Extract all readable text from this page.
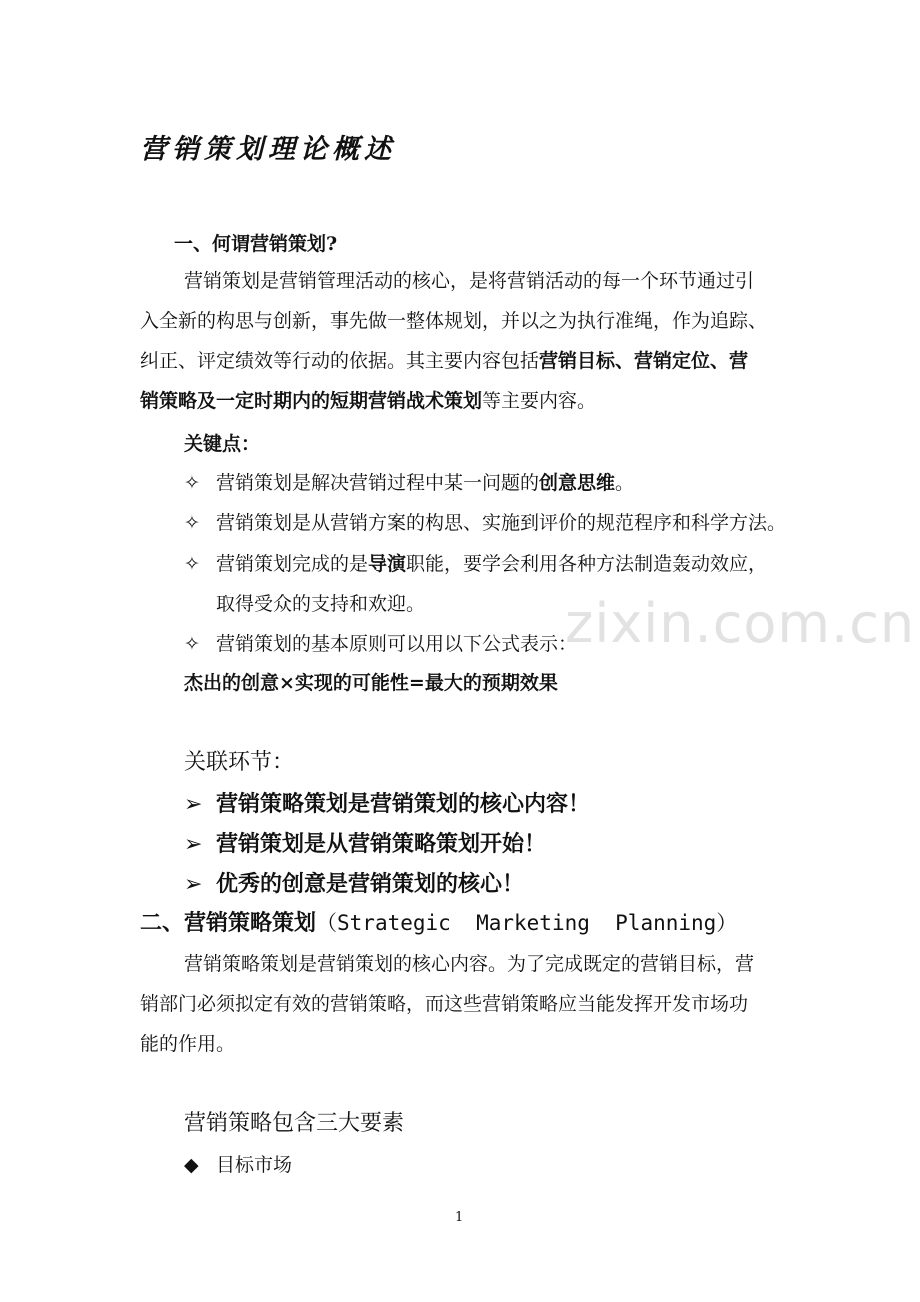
营销策划理论概述
一、何谓营销策划?
营销策划是营销管理活动的核心，是将营销活动的每一个环节通过引
入全新的构思与创新，事先做一整体规划，并以之为执行准绳，作为追踪、
纠正、评定绩效等行动的依据。其主要内容包括营销目标、营销定位、营
销策略及一定时期内的短期营销战术策划等主要内容。
关键点：
✧ 营销策划是解决营销过程中某一问题的创意思维。
✧ 营销策划是从营销方案的构思、实施到评价的规范程序和科学方法。
✧ 营销策划完成的是导演职能，要学会利用各种方法制造轰动效应，
取得受众的支持和欢迎。
✧ 营销策划的基本原则可以用以下公式表示：
杰出的创意×实现的可能性=最大的预期效果
关联环节：
➢ 营销策略策划是营销策划的核心内容！
➢ 营销策划是从营销策略策划开始！
➢ 优秀的创意是营销策划的核心！
二、营销策略策划（Strategic  Marketing  Planning）
营销策略策划是营销策划的核心内容。为了完成既定的营销目标，营
销部门必须拟定有效的营销策略，而这些营销策略应当能发挥开发市场功
能的作用。
营销策略包含三大要素
◆ 目标市场
zixin.com.cn
1
